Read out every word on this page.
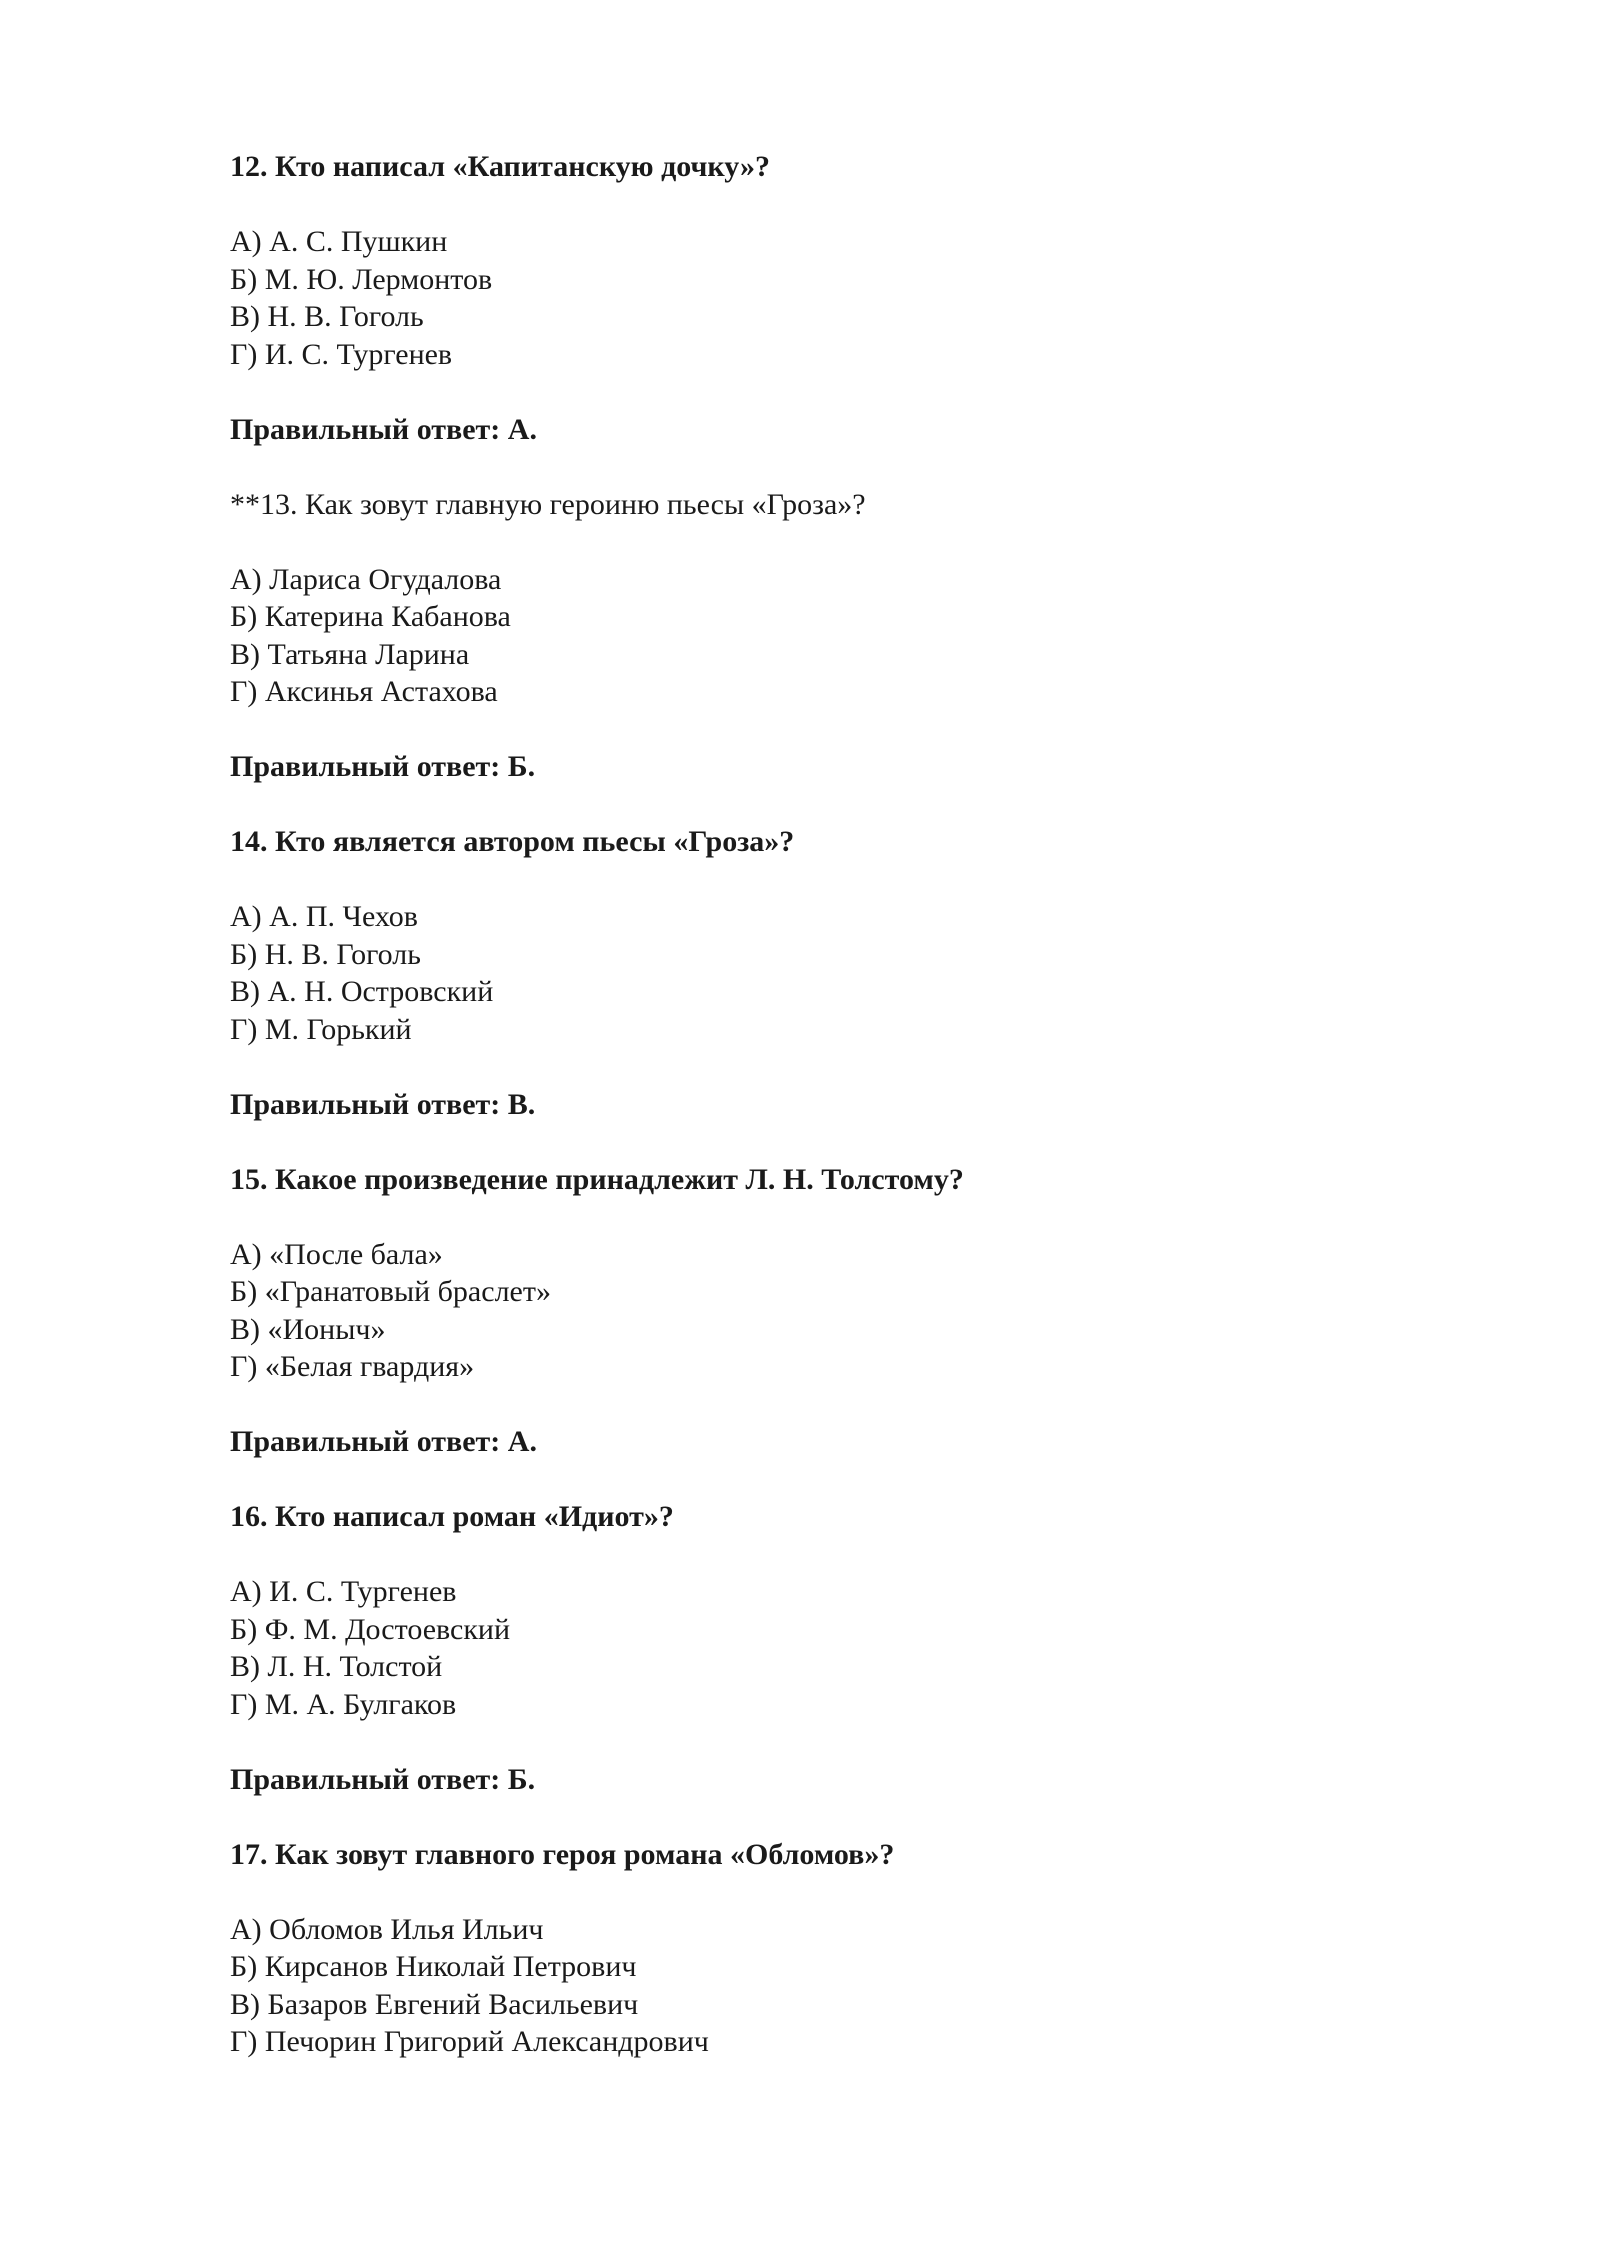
12. Кто написал «Капитанскую дочку»?
А) А. С. Пушкин
Б) М. Ю. Лермонтов
В) Н. В. Гоголь
Г) И. С. Тургенев
Правильный ответ: А.
**13. Как зовут главную героиню пьесы «Гроза»?
А) Лариса Огудалова
Б) Катерина Кабанова
В) Татьяна Ларина
Г) Аксинья Астахова
Правильный ответ: Б.
14. Кто является автором пьесы «Гроза»?
А) А. П. Чехов
Б) Н. В. Гоголь
В) А. Н. Островский
Г) М. Горький
Правильный ответ: В.
15. Какое произведение принадлежит Л. Н. Толстому?
А) «После бала»
Б) «Гранатовый браслет»
В) «Ионыч»
Г) «Белая гвардия»
Правильный ответ: А.
16. Кто написал роман «Идиот»?
А) И. С. Тургенев
Б) Ф. М. Достоевский
В) Л. Н. Толстой
Г) М. А. Булгаков
Правильный ответ: Б.
17. Как зовут главного героя романа «Обломов»?
А) Обломов Илья Ильич
Б) Кирсанов Николай Петрович
В) Базаров Евгений Васильевич
Г) Печорин Григорий Александрович
